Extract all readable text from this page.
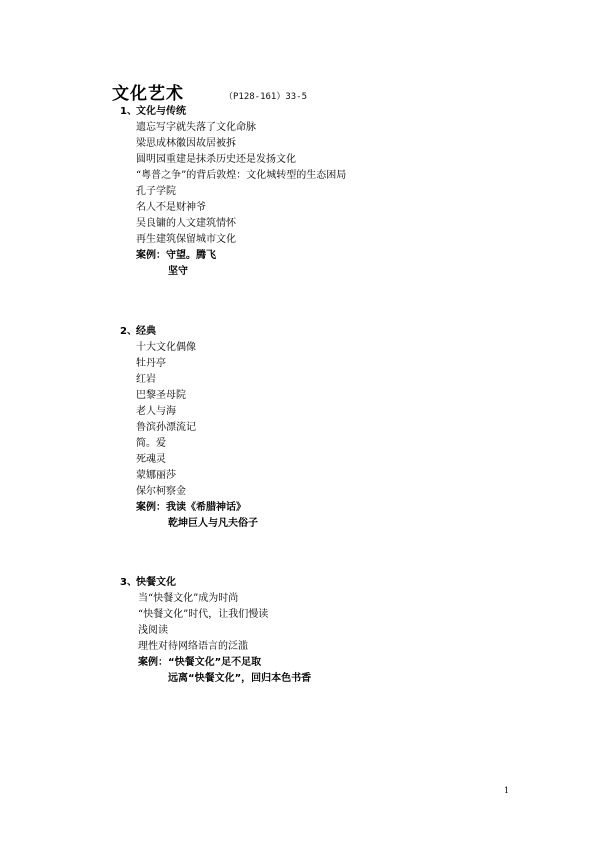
文化艺术	（P128-161）33-5
1、文化与传统
遗忘写字就失落了文化命脉
梁思成林徽因故居被拆
圆明园重建是抹杀历史还是发扬文化
“粤普之争”的背后敦煌：文化城转型的生态困局
孔子学院
名人不是财神爷
吴良镛的人文建筑情怀
再生建筑保留城市文化
案例：守望。腾飞
坚守
2、经典
十大文化偶像
牡丹亭
红岩
巴黎圣母院
老人与海
鲁滨孙漂流记
简。爱
死魂灵
蒙娜丽莎
保尔柯察金
案例：我读《希腊神话》
乾坤巨人与凡夫俗子
3、快餐文化
当“快餐文化”成为时尚
“快餐文化”时代，让我们慢读
浅阅读
理性对待网络语言的泛滥
案例：“快餐文化”足不足取
远离“快餐文化”，回归本色书香
1
